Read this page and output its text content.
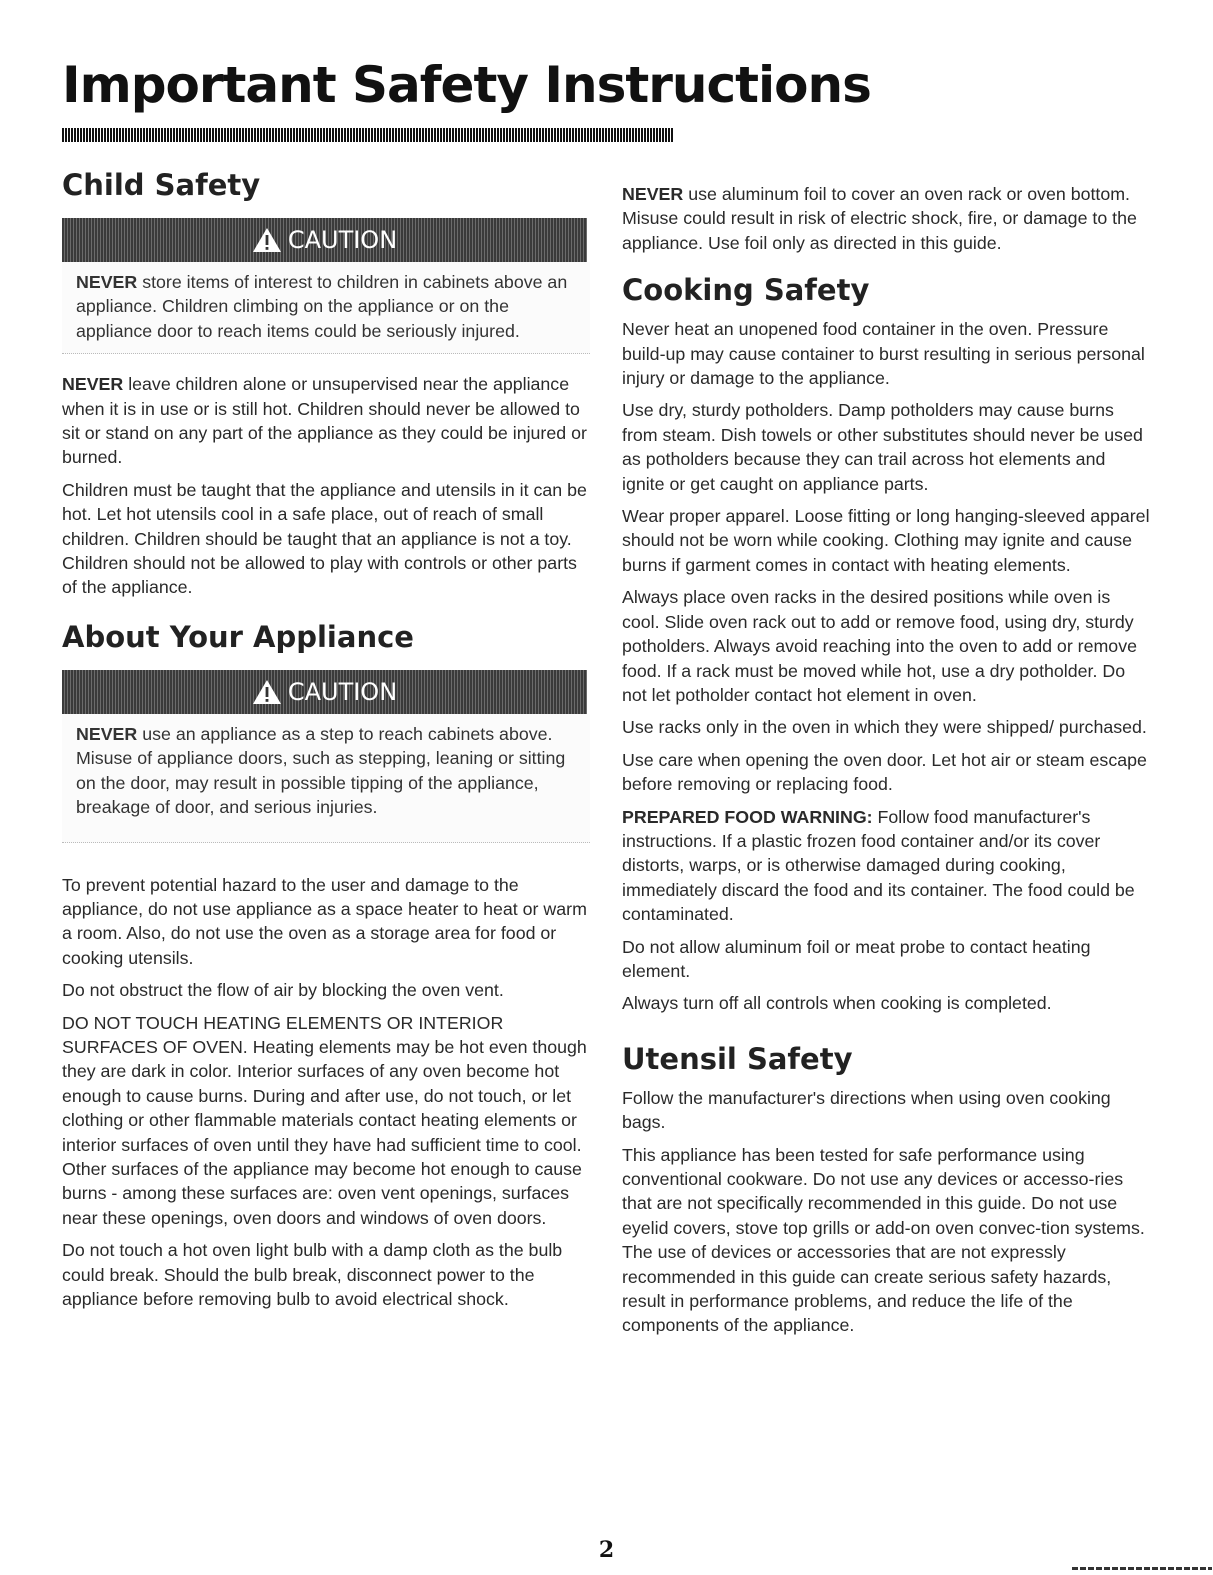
Important Safety Instructions
Child Safety
CAUTION

NEVER store items of interest to children in cabinets above an appliance. Children climbing on the appliance or on the appliance door to reach items could be seriously injured.

NEVER leave children alone or unsupervised near the appliance when it is in use or is still hot. Children should never be allowed to sit or stand on any part of the appliance as they could be injured or burned.

Children must be taught that the appliance and utensils in it can be hot. Let hot utensils cool in a safe place, out of reach of small children. Children should be taught that an appliance is not a toy. Children should not be allowed to play with controls or other parts of the appliance.

About Your Appliance
CAUTION

NEVER use an appliance as a step to reach cabinets above. Misuse of appliance doors, such as stepping, leaning or sitting on the door, may result in possible tipping of the appliance, breakage of door, and serious injuries.

To prevent potential hazard to the user and damage to the appliance, do not use appliance as a space heater to heat or warm a room. Also, do not use the oven as a storage area for food or cooking utensils.

Do not obstruct the flow of air by blocking the oven vent.

DO NOT TOUCH HEATING ELEMENTS OR INTERIOR SURFACES OF OVEN. Heating elements may be hot even though they are dark in color. Interior surfaces of any oven become hot enough to cause burns. During and after use, do not touch, or let clothing or other flammable materials contact heating elements or interior surfaces of oven until they have had sufficient time to cool. Other surfaces of the appliance may become hot enough to cause burns - among these surfaces are: oven vent openings, surfaces near these openings, oven doors and windows of oven doors.

Do not touch a hot oven light bulb with a damp cloth as the bulb could break. Should the bulb break, disconnect power to the appliance before removing bulb to avoid electrical shock.

NEVER use aluminum foil to cover an oven rack or oven bottom. Misuse could result in risk of electric shock, fire, or damage to the appliance. Use foil only as directed in this guide.

Cooking Safety

Never heat an unopened food container in the oven. Pressure build-up may cause container to burst resulting in serious personal injury or damage to the appliance.

Use dry, sturdy potholders. Damp potholders may cause burns from steam. Dish towels or other substitutes should never be used as potholders because they can trail across hot elements and ignite or get caught on appliance parts.

Wear proper apparel. Loose fitting or long hanging-sleeved apparel should not be worn while cooking. Clothing may ignite and cause burns if garment comes in contact with heating elements.

Always place oven racks in the desired positions while oven is cool. Slide oven rack out to add or remove food, using dry, sturdy potholders. Always avoid reaching into the oven to add or remove food. If a rack must be moved while hot, use a dry potholder. Do not let potholder contact hot element in oven.

Use racks only in the oven in which they were shipped/ purchased.

Use care when opening the oven door. Let hot air or steam escape before removing or replacing food.

PREPARED FOOD WARNING: Follow food manufacturer's instructions. If a plastic frozen food container and/or its cover distorts, warps, or is otherwise damaged during cooking, immediately discard the food and its container. The food could be contaminated.

Do not allow aluminum foil or meat probe to contact heating element.

Always turn off all controls when cooking is completed.

Utensil Safety

Follow the manufacturer's directions when using oven cooking bags.

This appliance has been tested for safe performance using conventional cookware. Do not use any devices or accesso-ries that are not specifically recommended in this guide. Do not use eyelid covers, stove top grills or add-on oven convec-tion systems. The use of devices or accessories that are not expressly recommended in this guide can create serious safety hazards, result in performance problems, and reduce the life of the components of the appliance.

2
